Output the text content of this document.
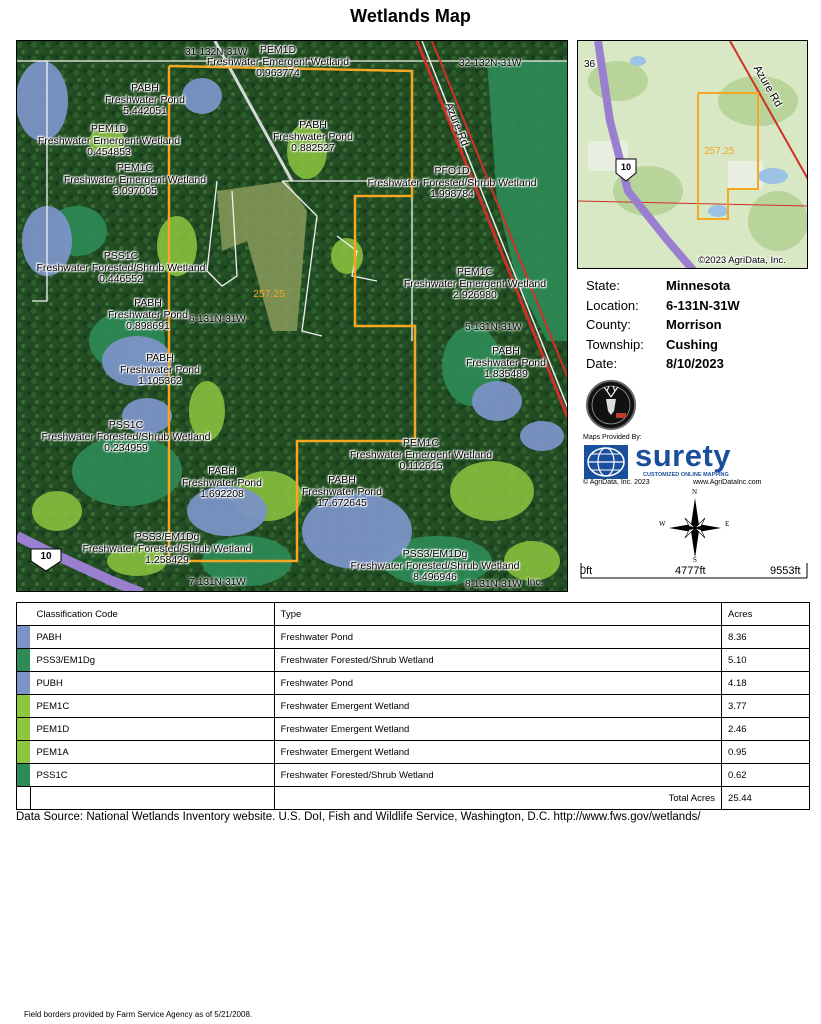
Wetlands Map
257.25
10
Azure Rd
31-132N-31W
32-132N-31W
6-131N-31W
5-131N-31W
7-131N-31W	8-131N-31W Inc.
PEM1D
Freshwater Emergent Wetland
0.963774
PABH
Freshwater Pond
5.442051
PEM1D
Freshwater Emergent Wetland
0.454853
PABH
Freshwater Pond
0.882527
PEM1C
Freshwater Emergent Wetland
3.097005
PFO1D
Freshwater Forested/Shrub Wetland
1.998784
PSS1C
Freshwater Forested/Shrub Wetland
0.446552
PEM1C
Freshwater Emergent Wetland
2.926980
PABH
Freshwater Pond
0.898691
PABH
Freshwater Pond
1.835489
PABH
Freshwater Pond
1.105362
PSS1C
Freshwater Forested/Shrub Wetland
0.234959	PEM1C
Freshwater Emergent Wetland
0.112615
PABH
Freshwater Pond
1.692208
PABH
Freshwater Pond
17.672645
PSS3/EM1Dg
Freshwater Forested/Shrub Wetland
1.258429	PSS3/EM1Dg
Freshwater Forested/Shrub Wetland
8.496946
257.25
Azure Rd
10
36
©2023 AgriData, Inc.
State:	Minnesota
Location:	6-131N-31W
County:	Morrison
Township:	Cushing
Date:	8/10/2023
Maps Provided By:
surety
CUSTOMIZED ONLINE MAPPING
© AgriData, Inc. 2023	www.AgriDataInc.com
N
S
E
W
0ft	4777ft	9553ft
	Classification Code	Type	Acres
	PABH	Freshwater Pond	8.36
	PSS3/EM1Dg	Freshwater Forested/Shrub Wetland	5.10
	PUBH	Freshwater Pond	4.18
	PEM1C	Freshwater Emergent Wetland	3.77
	PEM1D	Freshwater Emergent Wetland	2.46
	PEM1A	Freshwater Emergent Wetland	0.95
	PSS1C	Freshwater Forested/Shrub Wetland	0.62
		Total Acres	25.44
Data Source: National Wetlands Inventory website. U.S. DoI, Fish and Wildlife Service, Washington, D.C. http://www.fws.gov/wetlands/
Field borders provided by Farm Service Agency as of 5/21/2008.
